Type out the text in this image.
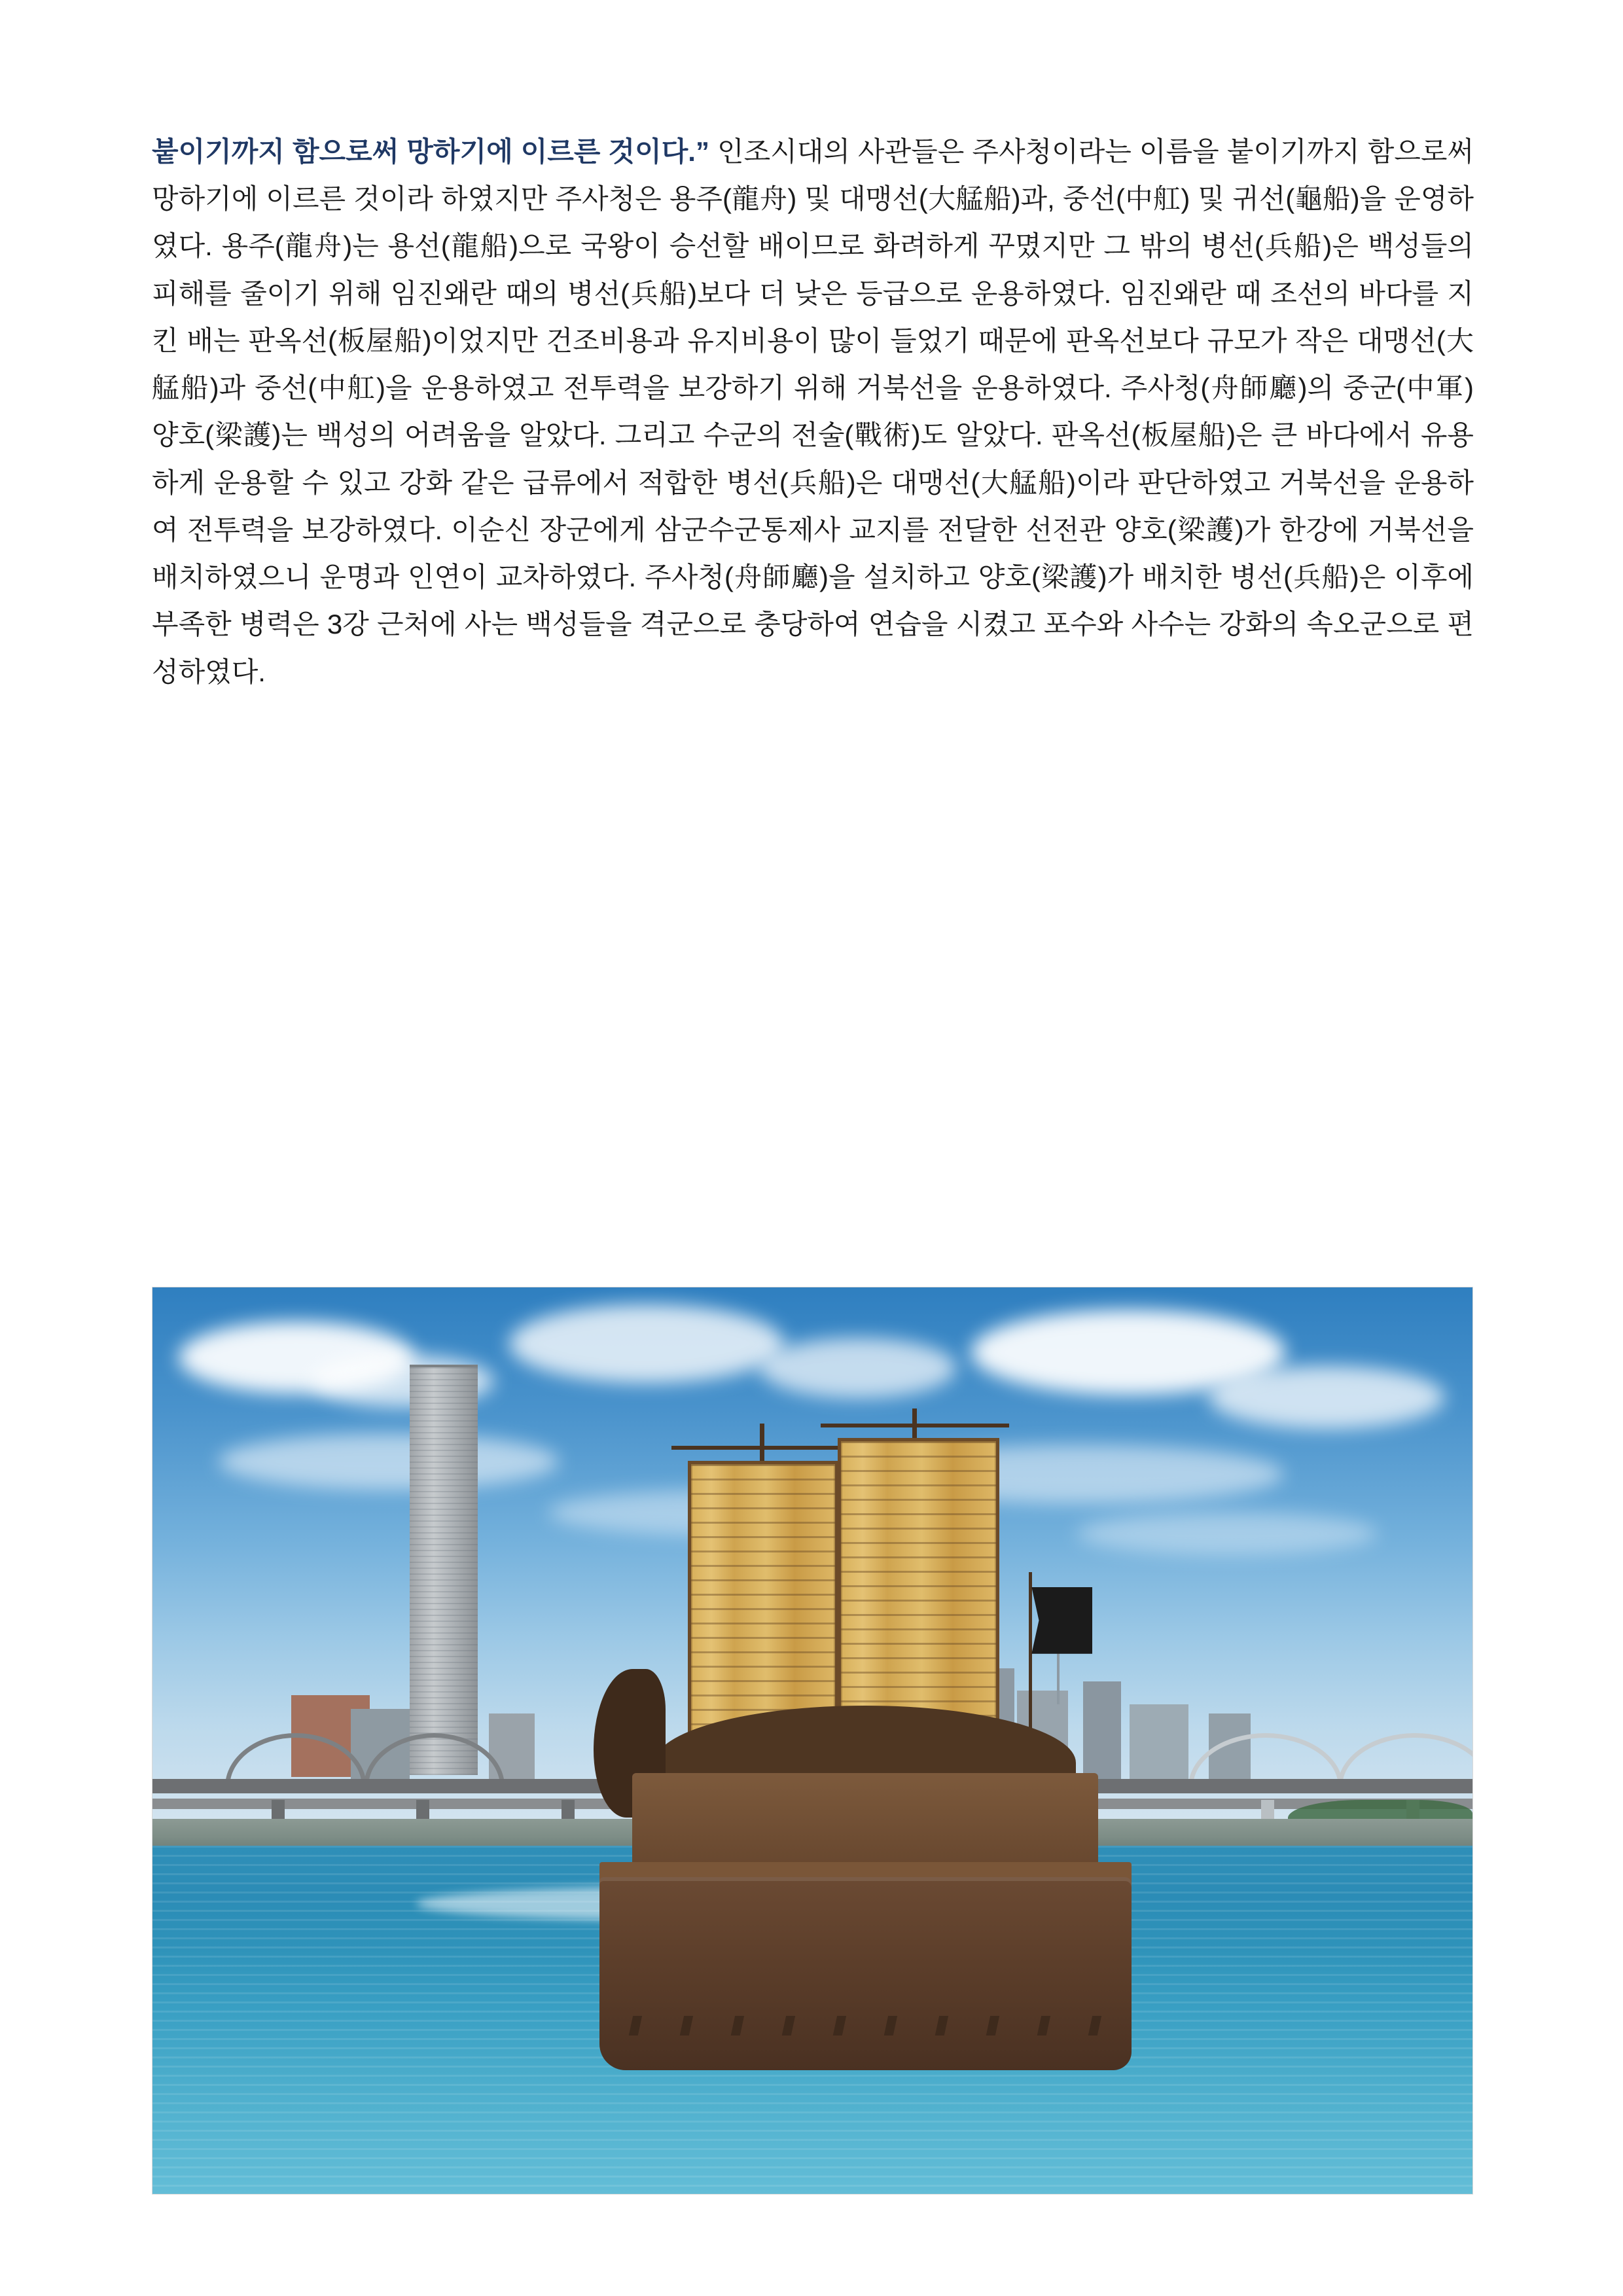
붙이기까지 함으로써 망하기에 이르른 것이다.” 인조시대의 사관들은 주사청이라는 이름을 붙이기까지 함으로써 망하기에 이르른 것이라 하였지만 주사청은 용주(龍舟) 및 대맹선(大艋船)과, 중선(中舡) 및 귀선(龜船)을 운영하였다. 용주(龍舟)는 용선(龍船)으로 국왕이 승선할 배이므로 화려하게 꾸몄지만 그 밖의 병선(兵船)은 백성들의 피해를 줄이기 위해 임진왜란 때의 병선(兵船)보다 더 낮은 등급으로 운용하였다. 임진왜란 때 조선의 바다를 지킨 배는 판옥선(板屋船)이었지만 건조비용과 유지비용이 많이 들었기 때문에 판옥선보다 규모가 작은 대맹선(大艋船)과 중선(中舡)을 운용하였고 전투력을 보강하기 위해 거북선을 운용하였다. 주사청(舟師廳)의 중군(中軍) 양호(梁護)는 백성의 어려움을 알았다. 그리고 수군의 전술(戰術)도 알았다. 판옥선(板屋船)은 큰 바다에서 유용하게 운용할 수 있고 강화 같은 급류에서 적합한 병선(兵船)은 대맹선(大艋船)이라 판단하였고 거북선을 운용하여 전투력을 보강하였다. 이순신 장군에게 삼군수군통제사 교지를 전달한 선전관 양호(梁護)가 한강에 거북선을 배치하였으니 운명과 인연이 교차하였다. 주사청(舟師廳)을 설치하고 양호(梁護)가 배치한 병선(兵船)은 이후에 부족한 병력은 3강 근처에 사는 백성들을 격군으로 충당하여 연습을 시켰고 포수와 사수는 강화의 속오군으로 편성하였다.
